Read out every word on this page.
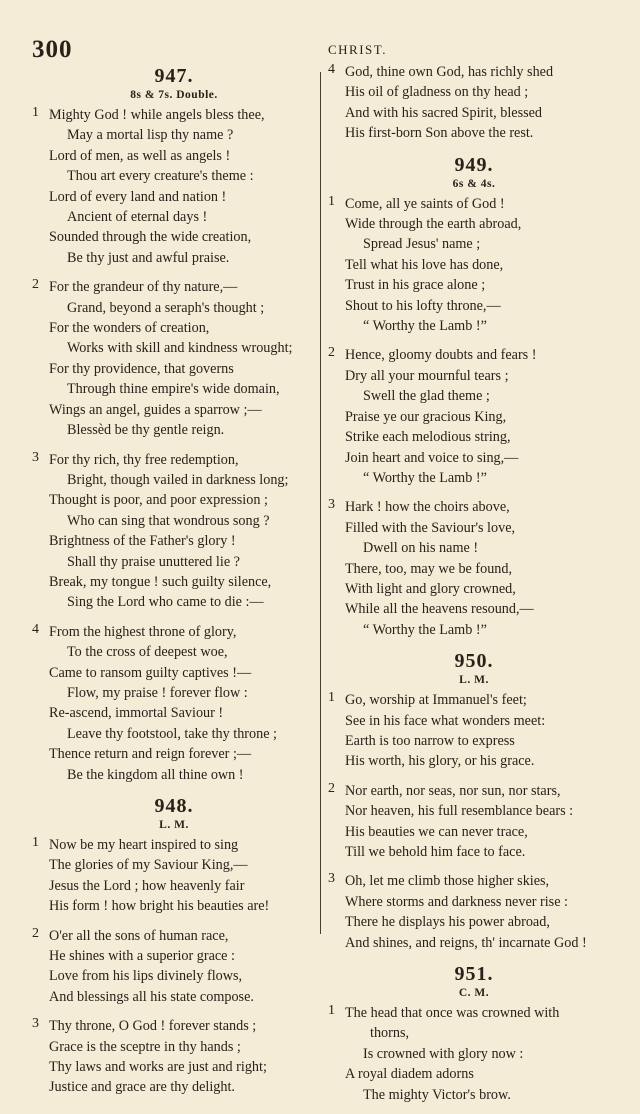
300	CHRIST.
947.
8s & 7s. Double.
1 Mighty God ! while angels bless thee,
May a mortal lisp thy name ?
Lord of men, as well as angels !
Thou art every creature's theme :
Lord of every land and nation !
Ancient of eternal days !
Sounded through the wide creation,
Be thy just and awful praise.
2 For the grandeur of thy nature,—
Grand, beyond a seraph's thought ;
For the wonders of creation,
Works with skill and kindness wrought;
For thy providence, that governs
Through thine empire's wide domain,
Wings an angel, guides a sparrow ;—
Blessèd be thy gentle reign.
3 For thy rich, thy free redemption,
Bright, though vailed in darkness long;
Thought is poor, and poor expression ;
Who can sing that wondrous song ?
Brightness of the Father's glory !
Shall thy praise unuttered lie ?
Break, my tongue ! such guilty silence,
Sing the Lord who came to die :—
4 From the highest throne of glory,
To the cross of deepest woe,
Came to ransom guilty captives !—
Flow, my praise ! forever flow :
Re-ascend, immortal Saviour !
Leave thy footstool, take thy throne ;
Thence return and reign forever ;—
Be the kingdom all thine own !
948.
L. M.
1 Now be my heart inspired to sing
The glories of my Saviour King,—
Jesus the Lord ; how heavenly fair
His form ! how bright his beauties are!
2 O'er all the sons of human race,
He shines with a superior grace :
Love from his lips divinely flows,
And blessings all his state compose.
3 Thy throne, O God ! forever stands ;
Grace is the sceptre in thy hands ;
Thy laws and works are just and right;
Justice and grace are thy delight.
4 God, thine own God, has richly shed
His oil of gladness on thy head ;
And with his sacred Spirit, blessed
His first-born Son above the rest.
949.
6s & 4s.
1 Come, all ye saints of God !
Wide through the earth abroad,
Spread Jesus' name ;
Tell what his love has done,
Trust in his grace alone ;
Shout to his lofty throne,—
“ Worthy the Lamb !”
2 Hence, gloomy doubts and fears !
Dry all your mournful tears ;
Swell the glad theme ;
Praise ye our gracious King,
Strike each melodious string,
Join heart and voice to sing,—
“ Worthy the Lamb !”
3 Hark ! how the choirs above,
Filled with the Saviour's love,
Dwell on his name !
There, too, may we be found,
With light and glory crowned,
While all the heavens resound,—
“ Worthy the Lamb !”
950.
L. M.
1 Go, worship at Immanuel's feet;
See in his face what wonders meet:
Earth is too narrow to express
His worth, his glory, or his grace.
2 Nor earth, nor seas, nor sun, nor stars,
Nor heaven, his full resemblance bears :
His beauties we can never trace,
Till we behold him face to face.
3 Oh, let me climb those higher skies,
Where storms and darkness never rise :
There he displays his power abroad,
And shines, and reigns, th' incarnate God !
951.
C. M.
1 The head that once was crowned with
thorns,
Is crowned with glory now :
A royal diadem adorns
The mighty Victor's brow.
